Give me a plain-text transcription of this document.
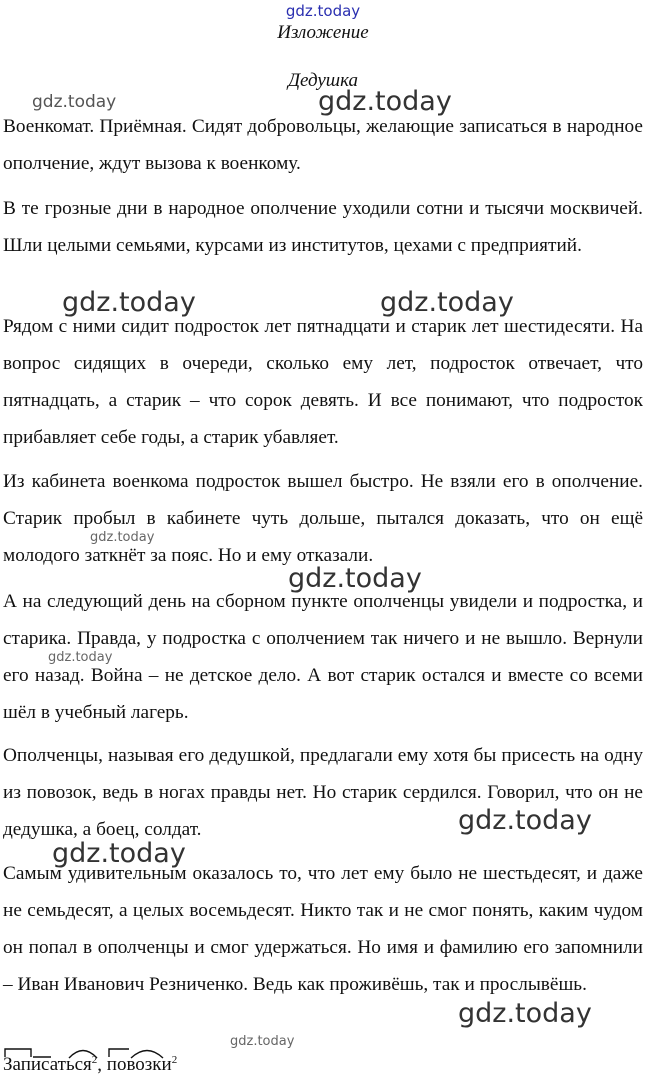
gdz.today
Изложение
Дедушка

Военкомат. Приёмная. Сидят добровольцы, желающие записаться в народное ополчение, ждут вызова к военкому.

В те грозные дни в народное ополчение уходили сотни и тысячи москвичей. Шли целыми семьями, курсами из институтов, цехами с предприятий.

Рядом с ними сидит подросток лет пятнадцати и старик лет шестидесяти. На вопрос сидящих в очереди, сколько ему лет, подросток отвечает, что пятнадцать, а старик – что сорок девять. И все понимают, что подросток прибавляет себе годы, а старик убавляет.

Из кабинета военкома подросток вышел быстро. Не взяли его в ополчение. Старик пробыл в кабинете чуть дольше, пытался доказать, что он ещё молодого заткнёт за пояс. Но и ему отказали.

А на следующий день на сборном пункте ополченцы увидели и подростка, и старика. Правда, у подростка с ополчением так ничего и не вышло. Вернули его назад. Война – не детское дело. А вот старик остался и вместе со всеми шёл в учебный лагерь.

Ополченцы, называя его дедушкой, предлагали ему хотя бы присесть на одну из повозок, ведь в ногах правды нет. Но старик сердился. Говорил, что он не дедушка, а боец, солдат.

Самым удивительным оказалось то, что лет ему было не шестьдесят, и даже не семьдесят, а целых восемьдесят. Никто так и не смог понять, каким чудом он попал в ополченцы и смог удержаться. Но имя и фамилию его запомнили – Иван Иванович Резниченко. Ведь как проживёшь, так и прослывёшь.

gdz.today	gdz.today
gdz.today	gdz.today
gdz.today
gdz.today
gdz.today
gdz.today
gdz.today
gdz.today
gdz.today
Записаться
$^2$, повозки
$^2$
